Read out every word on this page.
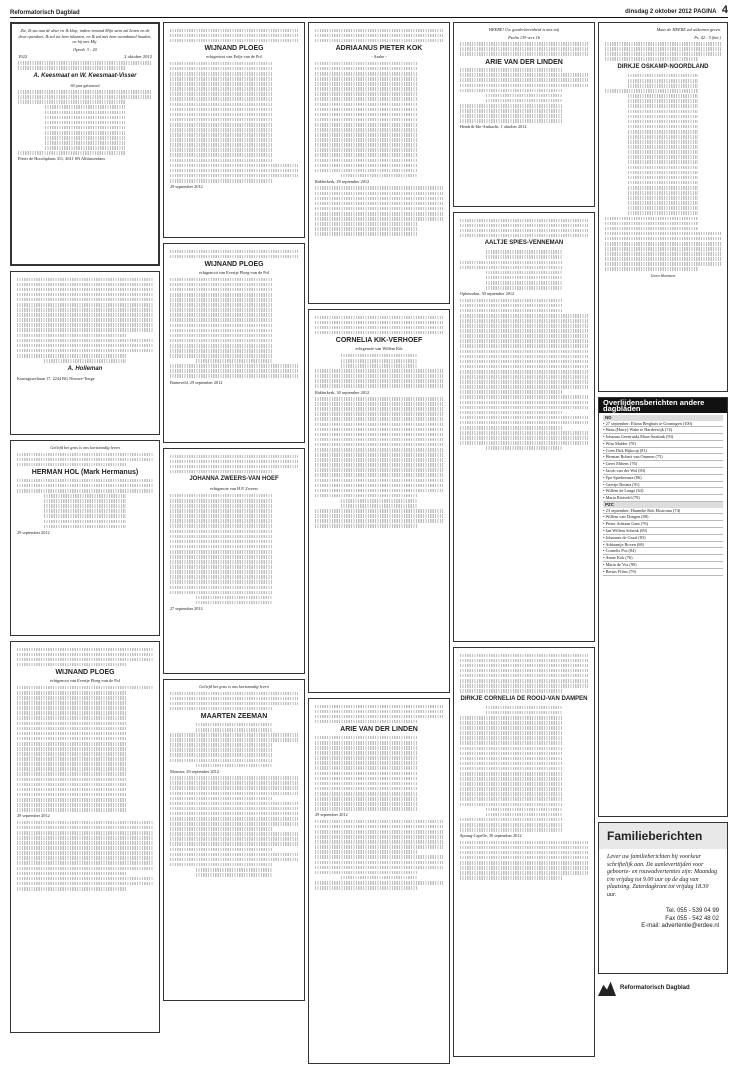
Reformatorisch Dagblad	dinsdag 2 oktober 2012 PAGINA 4

Zie, Ik sta aan de deur en Ik klop; indien iemand Mijn stem zal horen en de deur opendoet, Ik zal tot hem inkomen, en Ik zal met hem avondmaal houden, en hij met Mij.

Openb. 3 : 20

1922	2 oktober 2012
A. Keesmaat en W. Keesmaat-Visser

60 jaar getrouwd

Pieter de Hoochplaats 311, 2611 SN Alblasserdam

A. Holleman

Koningsweliaan 17, 2244 BG Nieuwe-Tonge

Geliefd het gras is ons kortstondig leven

HERMAN HOL (Mark Hermanus)

29 september 2012

WIJNAND PLOEG

echtgenoot van Evertje Ploeg-van de Pol

29 september 2012

WIJNAND PLOEG

echtgenoot van Eefje van de Pol

29 september 2012

WIJNAND PLOEG

echtgenoot van Evertje Ploeg-van de Pol

Barneveld, 29 september 2012

JOHANNA ZWEERS-VAN HOEF

echtgenote van H.P. Zweers

27 september 2012

Geliefd het gras is ons kortstondig leven

MAARTEN ZEEMAN

Monster, 29 september 2012

ADRIAANUS PIETER KOK

- Andre -

Ridderkerk, 29 september 2012

CORNELIA KIK-VERHOEF

echtgenote van Willem Kik

Ridderkerk, 30 september 2012

ARIE VAN DER LINDEN

29 september 2012

HEERE! Uw goedertierenheid is met mij

Psalm 139 vers 1b

ARIE VAN DER LINDEN

Hendrik-Ido-Ambacht, 1 oktober 2012

AALTJE SPIES-VENNEMAN

Opheusden, 30 september 2012

DIRKJE CORNELIA DE ROOIJ-VAN DAMPEN

Sprang-Capelle, 30 september 2012

Maar de HEERE zal uitkomen geven.

Ps. 42 : 5 (ber.)

DIRKJE OSKAMP-NOORDLAND

Geen bloemen

Overlijdensberichten andere dagbladen
ND
• 27 september: Elsina Berghuis te Groningen (100)
• Hans (Harry) Wake te Harderwijk (74)
• Johanna Geertruida Maas-Saattink (93)
• Wim Mulder (78)
• Coen Dirk Hijkoop (81)
• Herman Robert van Ommen (75)
• Geert Ebbens (76)
• Jacob van der Wal (83)
• Ype Spiekersma (86)
• Geertje Bosma (91)
• Willem de Lange (64)
• Maria Rietveld (79)
PZC
• 23 september: Hanneke Rob Ekstroma (74)
• Willem van Dongen (88)
• Pieter Adriaan Gant (76)
• Jan Willem Schenk (69)
• Johannes de Graaf (83)
• Adriaantje Boven (68)
• Cornelis Pos (84)
• Annie Kok (76)
• Maria de Vos (90)
• Bertus Filius (79)
Familieberichten
Lever uw familieberichten bij voorkeur schriftelijk aan. De aanleverttijden voor geboorte- en rouwadvertenties zijn: Maandag t/m vrijdag tot 9.00 uur op de dag van plaatsing. Zaterdagkrant tot vrijdag 18.30 uur.
Tel. 055 - 539 04 99
Fax 055 - 542 48 02
E-mail: advertentie@erdee.nl
Reformatorisch Dagblad
